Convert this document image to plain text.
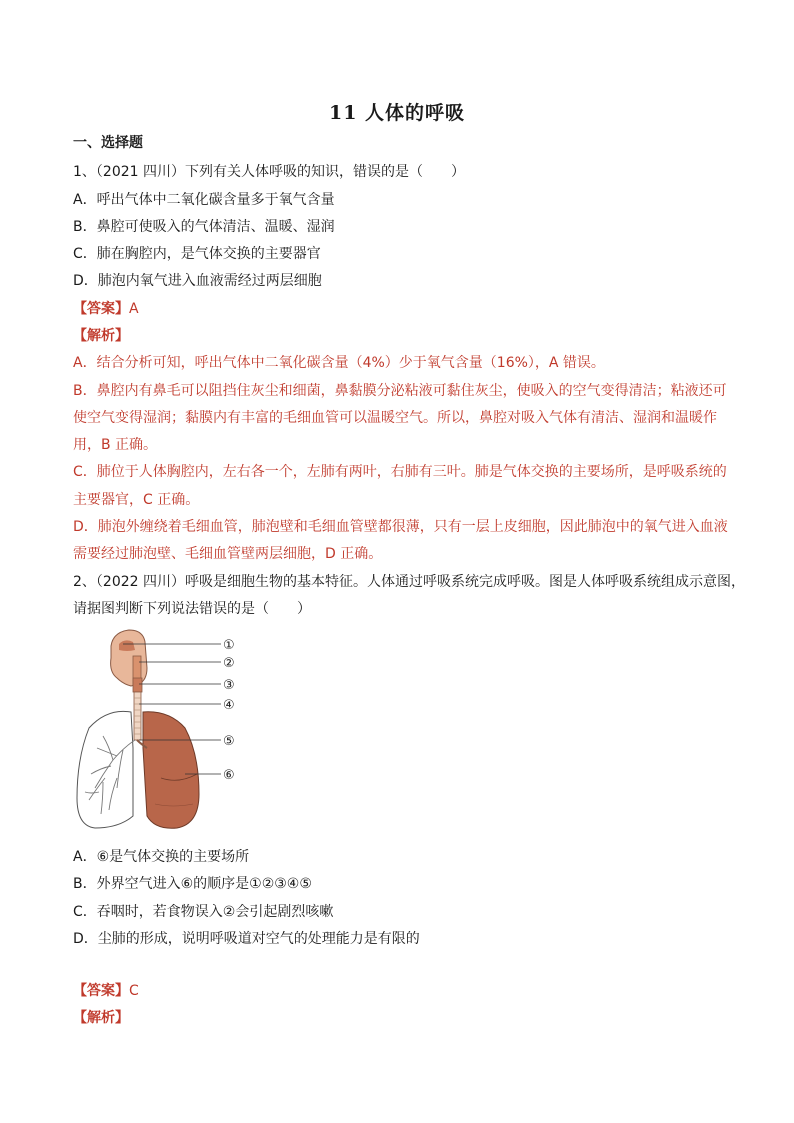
11 人体的呼吸
一、选择题
1、（2021 四川）下列有关人体呼吸的知识，错误的是（　　）
A．呼出气体中二氧化碳含量多于氧气含量
B．鼻腔可使吸入的气体清洁、温暖、湿润
C．肺在胸腔内，是气体交换的主要器官
D．肺泡内氧气进入血液需经过两层细胞
【答案】A
【解析】
A．结合分析可知，呼出气体中二氧化碳含量（4%）少于氧气含量（16%），A 错误。
B．鼻腔内有鼻毛可以阻挡住灰尘和细菌，鼻黏膜分泌粘液可黏住灰尘，使吸入的空气变得清洁；粘液还可
使空气变得湿润；黏膜内有丰富的毛细血管可以温暖空气。所以，鼻腔对吸入气体有清洁、湿润和温暖作
用，B 正确。
C．肺位于人体胸腔内，左右各一个，左肺有两叶，右肺有三叶。肺是气体交换的主要场所，是呼吸系统的
主要器官，C 正确。
D．肺泡外缠绕着毛细血管，肺泡壁和毛细血管壁都很薄，只有一层上皮细胞，因此肺泡中的氧气进入血液
需要经过肺泡壁、毛细血管壁两层细胞，D 正确。
2、（2022 四川）呼吸是细胞生物的基本特征。人体通过呼吸系统完成呼吸。图是人体呼吸系统组成示意图，
请据图判断下列说法错误的是（　　）
①
②
③
④
⑤
⑥
A．⑥是气体交换的主要场所
B．外界空气进入⑥的顺序是①②③④⑤
C．吞咽时，若食物误入②会引起剧烈咳嗽
D．尘肺的形成，说明呼吸道对空气的处理能力是有限的
【答案】C
【解析】
